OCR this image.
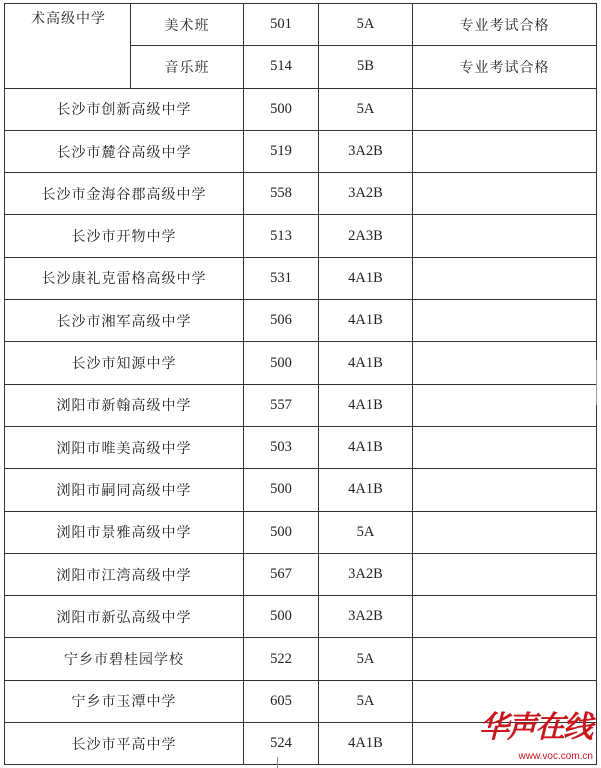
术高级中学	美术班	501	5A	专业考试合格
	音乐班	514	5B	专业考试合格
长沙市创新高级中学		500	5A	
长沙市麓谷高级中学		519	3A2B	
长沙市金海谷郡高级中学		558	3A2B	
长沙市开物中学		513	2A3B	
长沙康礼克雷格高级中学		531	4A1B	
长沙市湘军高级中学		506	4A1B	
长沙市知源中学		500	4A1B	
浏阳市新翰高级中学		557	4A1B	
浏阳市唯美高级中学		503	4A1B	
浏阳市嗣同高级中学		500	4A1B	
浏阳市景雅高级中学		500	5A	
浏阳市江湾高级中学		567	3A2B	
浏阳市新弘高级中学		500	3A2B	
宁乡市碧桂园学校		522	5A	
宁乡市玉潭中学		605	5A	
长沙市平高中学		524	4A1B		华声在线
www.voc.com.cn
